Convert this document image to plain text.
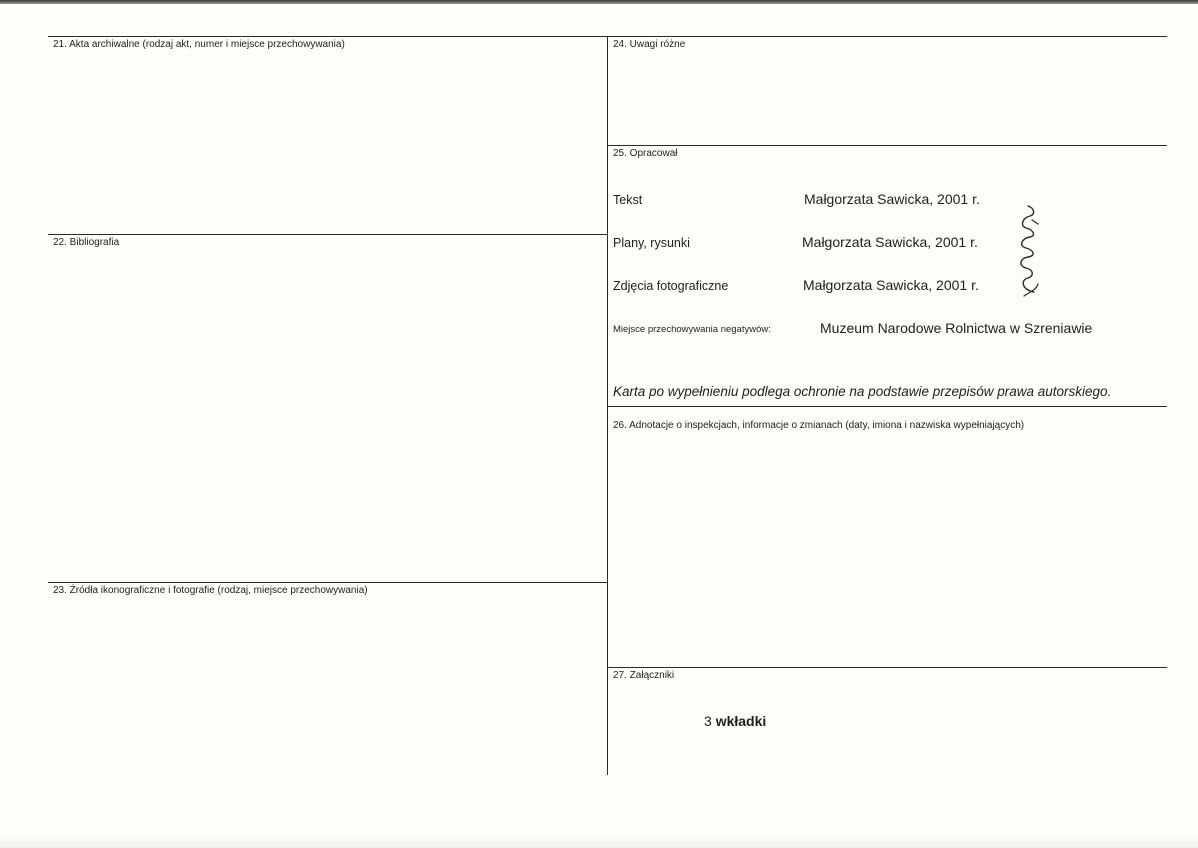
21. Akta archiwalne (rodzaj akt, numer i miejsce przechowywania)
22. Bibliografia
23. Źródła ikonograficzne i fotografie (rodzaj, miejsce przechowywania)
24. Uwagi różne
25. Opracował
Tekst	Małgorzata Sawicka, 2001 r.
Plany, rysunki	Małgorzata Sawicka, 2001 r.
Zdjęcia fotograficzne	Małgorzata Sawicka, 2001 r.
Miejsce przechowywania negatywów:	Muzeum Narodowe Rolnictwa w Szreniawie
Karta po wypełnieniu podlega ochronie na podstawie przepisów prawa autorskiego.
26. Adnotacje o inspekcjach, informacje o zmianach (daty, imiona i nazwiska wypełniających)
27. Załączniki
3 wkładki
